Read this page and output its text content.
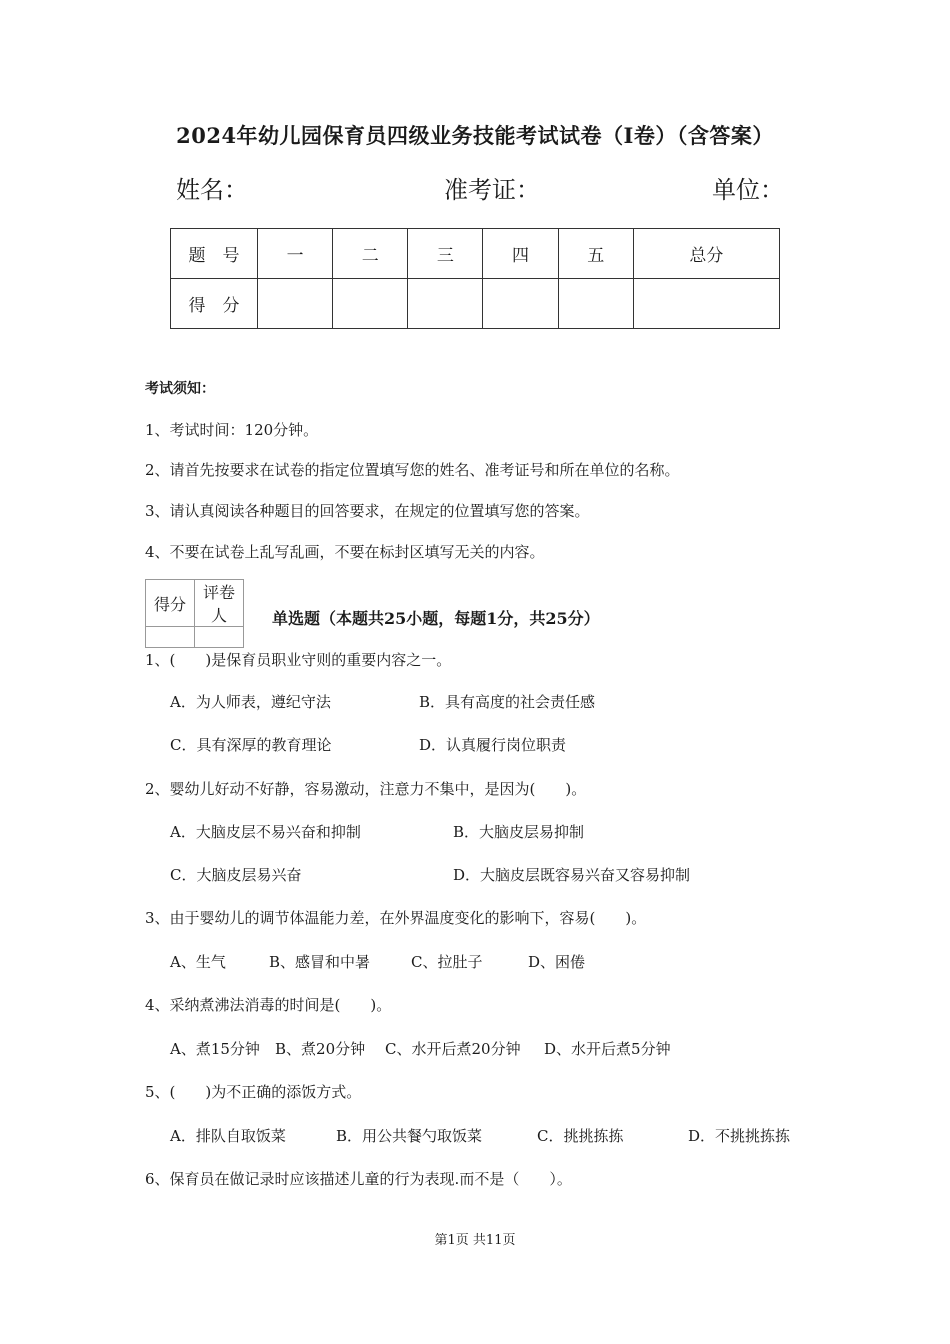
2024年幼儿园保育员四级业务技能考试试卷（I卷）（含答案）
姓名：	准考证：	单位：
题　号	一	二	三	四	五	总分
得　分						
考试须知：
1、考试时间：120分钟。
2、请首先按要求在试卷的指定位置填写您的姓名、准考证号和所在单位的名称。
3、请认真阅读各种题目的回答要求，在规定的位置填写您的答案。
4、不要在试卷上乱写乱画，不要在标封区填写无关的内容。
得分	评卷人
		单选题（本题共25小题，每题1分，共25分）
1、(　　)是保育员职业守则的重要内容之一。
A．为人师表，遵纪守法	B．具有高度的社会责任感
C．具有深厚的教育理论	D．认真履行岗位职责
2、婴幼儿好动不好静，容易激动，注意力不集中，是因为(　　)。
A．大脑皮层不易兴奋和抑制	B．大脑皮层易抑制
C．大脑皮层易兴奋	D．大脑皮层既容易兴奋又容易抑制
3、由于婴幼儿的调节体温能力差，在外界温度变化的影响下，容易(　　)。
A、生气	B、感冒和中暑	C、拉肚子	D、困倦
4、采纳煮沸法消毒的时间是(　　)。
A、煮15分钟 B、煮20分钟 C、水开后煮20分钟 D、水开后煮5分钟
5、(　　)为不正确的添饭方式。
A．排队自取饭菜	B．用公共餐勺取饭菜	C．挑挑拣拣	D．不挑挑拣拣
6、保育员在做记录时应该描述儿童的行为表现.而不是（　　）。
第1页 共11页
